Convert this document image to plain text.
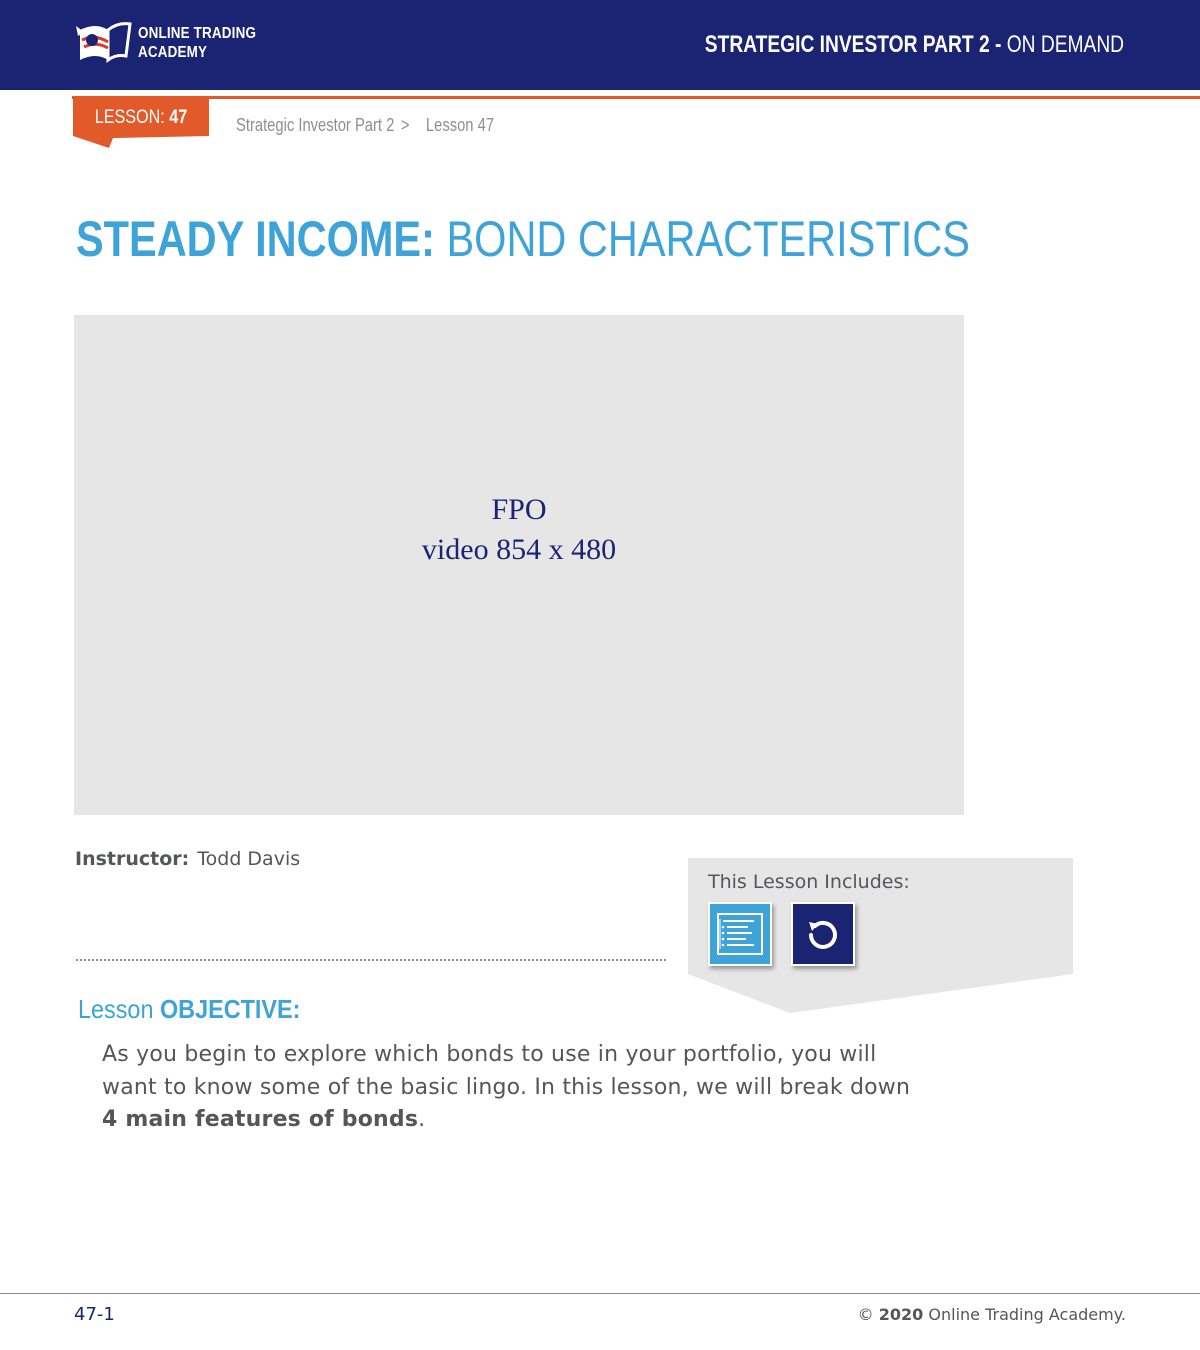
ONLINE TRADING
ACADEMY	STRATEGIC INVESTOR PART 2 - ON DEMAND
LESSON: 47	Strategic Investor Part 2 > Lesson 47
STEADY INCOME: BOND CHARACTERISTICS
FPO
video 854 x 480
Instructor: Todd Davis
This Lesson Includes:
Lesson OBJECTIVE:

As you begin to explore which bonds to use in your portfolio, you will want to know some of the basic lingo. In this lesson, we will break down 4 main features of bonds.

47-1	© 2020 Online Trading Academy.
